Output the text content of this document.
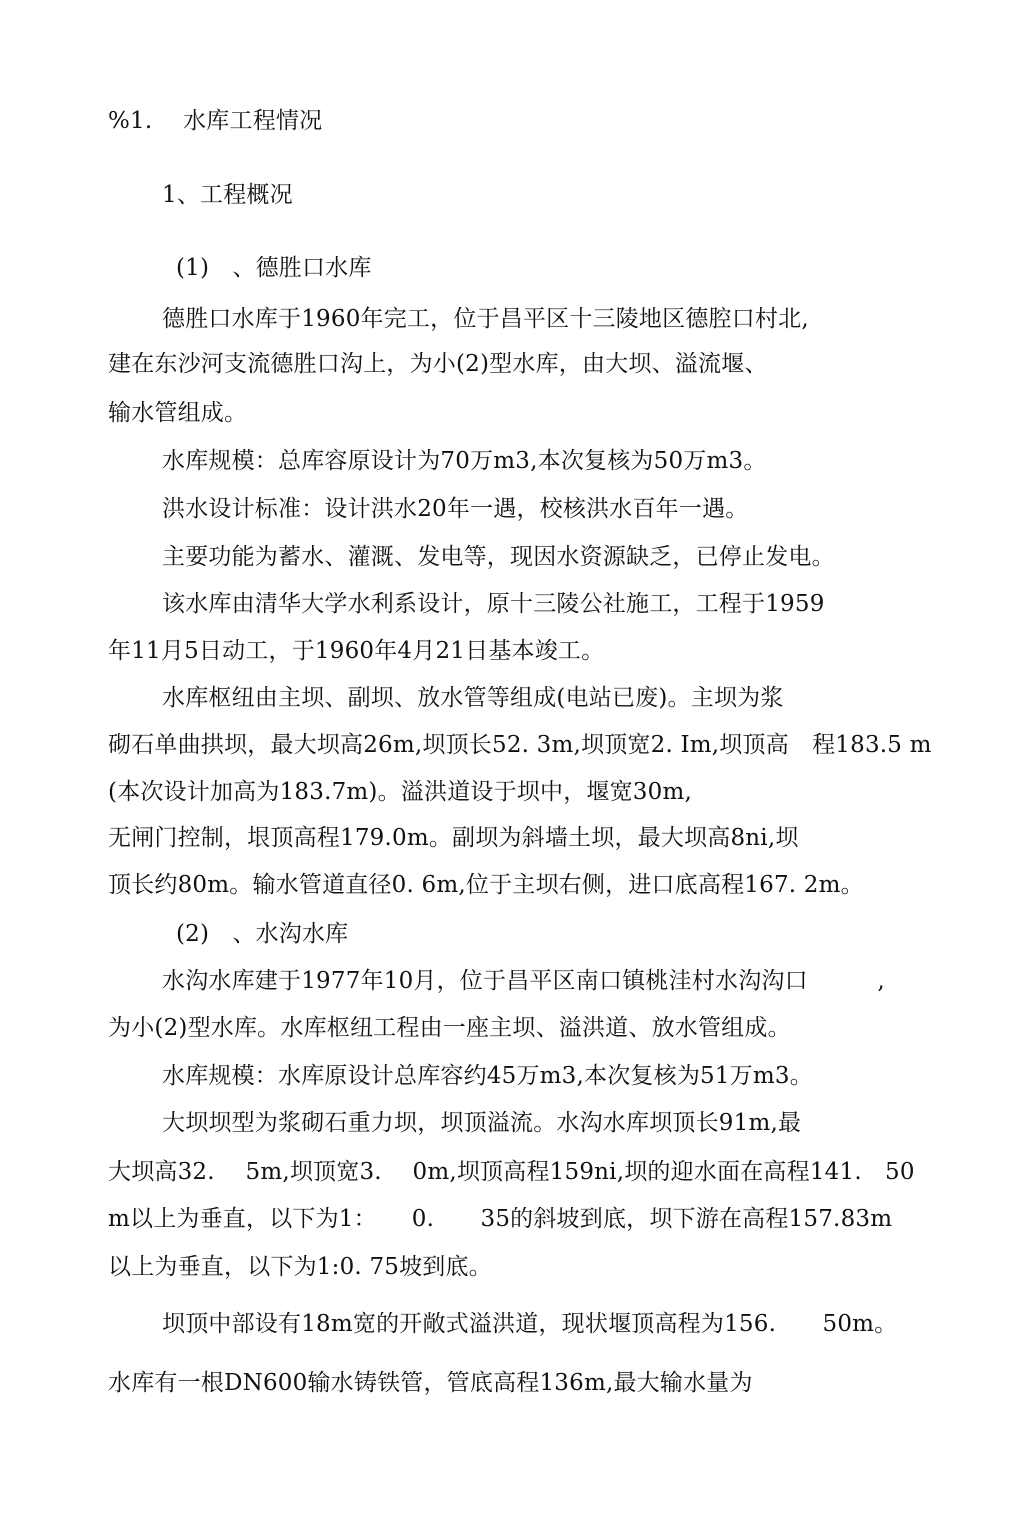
%1.　 水库工程情况
1、工程概况
(1)　、德胜口水库
德胜口水库于1960年完工，位于昌平区十三陵地区德腔口村北,
建在东沙河支流德胜口沟上，为小(2)型水库，由大坝、溢流堰、
输水管组成。
水库规模：总库容原设计为70万m3,本次复核为50万m3。
洪水设计标准：设计洪水20年一遇，校核洪水百年一遇。
主要功能为蓄水、灌溉、发电等，现因水资源缺乏，已停止发电。
该水库由清华大学水利系设计，原十三陵公社施工，工程于1959
年11月5日动工，于1960年4月21日基本竣工。
水库枢纽由主坝、副坝、放水管等组成(电站已废)。主坝为浆
砌石单曲拱坝，最大坝高26m,坝顶长52. 3m,坝顶宽2. Im,坝顶高　程183.5 m
(本次设计加高为183.7m)。溢洪道设于坝中，堰宽30m,
无闸门控制，垠顶高程179.0m。副坝为斜墙土坝，最大坝高8ni,坝
顶长约80m。输水管道直径0. 6m,位于主坝右侧，进口底高程167. 2m。
(2)　、水沟水库
水沟水库建于1977年10月，位于昌平区南口镇桃洼村水沟沟口　　　,
为小(2)型水库。水库枢纽工程由一座主坝、溢洪道、放水管组成。
水库规模：水库原设计总库容约45万m3,本次复核为51万m3。
大坝坝型为浆砌石重力坝，坝顶溢流。水沟水库坝顶长91m,最
大坝高32.　 5m,坝顶宽3.　 0m,坝顶高程159ni,坝的迎水面在高程141.　50
m以上为垂直，以下为1：　　0.　　35的斜坡到底，坝下游在高程157.83m
以上为垂直，以下为1:0. 75坡到底。
坝顶中部设有18m宽的开敞式溢洪道，现状堰顶高程为156.　　50m。
水库有一根DN600输水铸铁管，管底高程136m,最大输水量为
